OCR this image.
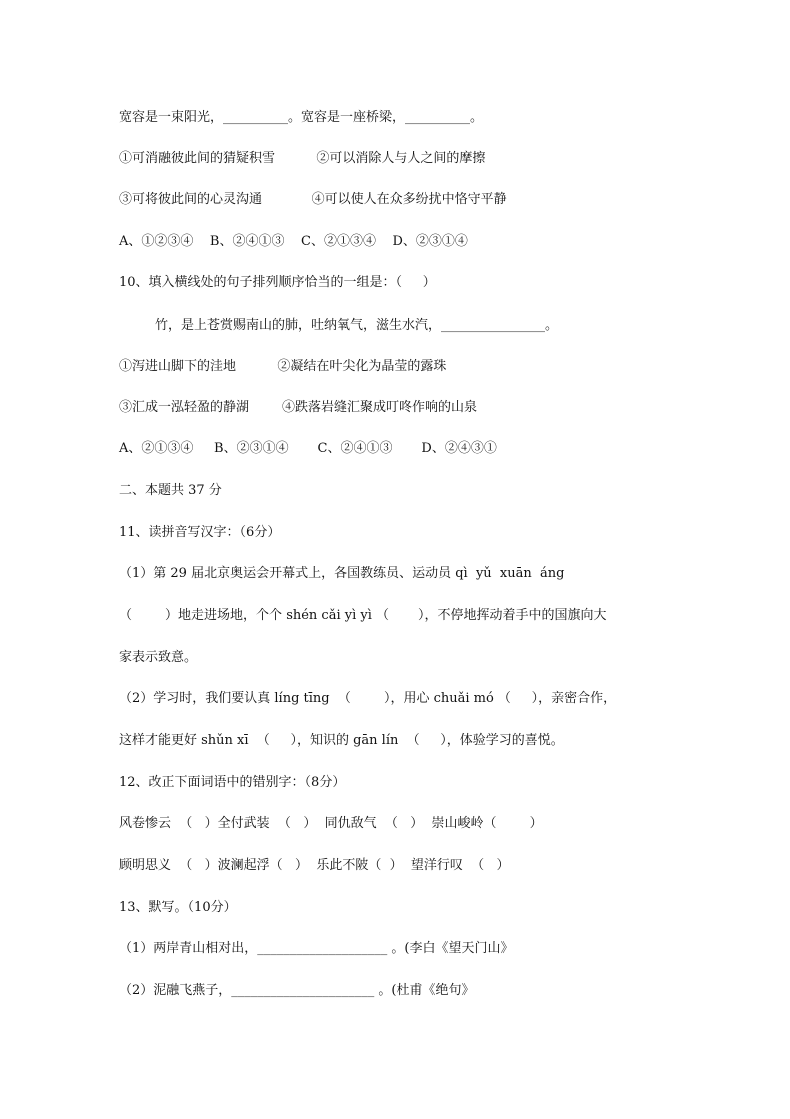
宽容是一束阳光，__________。宽容是一座桥梁，__________。
①可消融彼此间的猜疑积雪          ②可以消除人与人之间的摩擦
③可将彼此间的心灵沟通            ④可以使人在众多纷扰中恪守平静
A、①②③④    B、②④①③    C、②①③④    D、②③①④
10、填入横线处的句子排列顺序恰当的一组是：（     ）
竹，是上苍赏赐南山的肺，吐纳氧气，滋生水汽，________________。
①泻进山脚下的洼地          ②凝结在叶尖化为晶莹的露珠
③汇成一泓轻盈的静湖        ④跌落岩缝汇聚成叮咚作响的山泉
A、②①③④     B、②③①④       C、②④①③       D、②④③①
二、本题共 37 分
11、读拼音写汉字：（6分）
（1）第 29 届北京奥运会开幕式上，各国教练员、运动员 qì  yǔ  xuān  áng
（        ）地走进场地，个个 shén cǎi yì yì （       ），不停地挥动着手中的国旗向大
家表示致意。
（2）学习时，我们要认真 líng tīng  （        ），用心 chuǎi mó （     ），亲密合作，
这样才能更好 shǔn xī  （     ），知识的 gān lín  （     ），体验学习的喜悦。
12、改正下面词语中的错别字：（8分）
风卷惨云  （   ）全付武装  （   ）  同仇敌气  （   ）  崇山峻岭（        ）
顾明思义  （   ）波澜起浮（   ）  乐此不陂（  ）  望洋行叹  （   ）
13、默写。（10分）
（1）两岸青山相对出，____________________ 。(李白《望天门山》
（2）泥融飞燕子，______________________ 。(杜甫《绝句》
